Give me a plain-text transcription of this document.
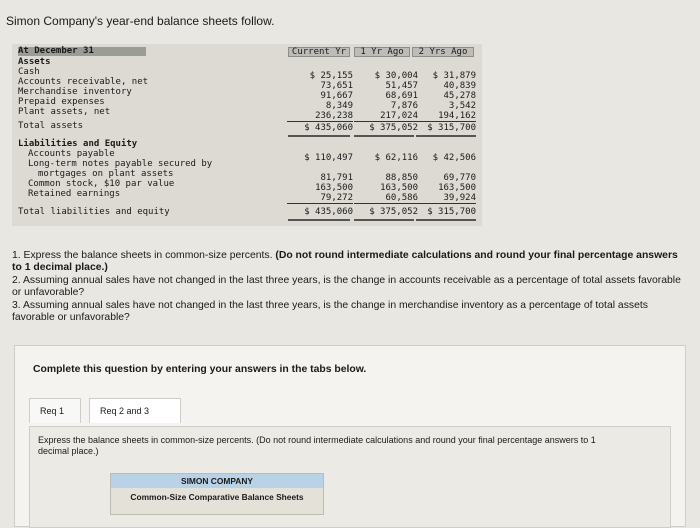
Simon Company's year-end balance sheets follow.
At December 31	Current Yr	1 Yr Ago	2 Yrs Ago
Assets
Cash	$ 25,155	$ 30,004	$ 31,879
Accounts receivable, net	73,651	51,457	40,839
Merchandise inventory	91,667	68,691	45,278
Prepaid expenses	8,349	7,876	3,542
Plant assets, net	236,238	217,024	194,162
Total assets	$ 435,060	$ 375,052	$ 315,700
Liabilities and Equity
Accounts payable	$ 110,497	$ 62,116	$ 42,506
Long-term notes payable secured by
mortgages on plant assets	81,791	88,850	69,770
Common stock, $10 par value	163,500	163,500	163,500
Retained earnings	79,272	60,586	39,924
Total liabilities and equity	$ 435,060	$ 375,052	$ 315,700

1. Express the balance sheets in common-size percents. (Do not round intermediate calculations and round your final percentage answers to 1 decimal place.)

2. Assuming annual sales have not changed in the last three years, is the change in accounts receivable as a percentage of total assets favorable or unfavorable?

3. Assuming annual sales have not changed in the last three years, is the change in merchandise inventory as a percentage of total assets favorable or unfavorable?

Complete this question by entering your answers in the tabs below.
Req 1	Req 2 and 3
Express the balance sheets in common-size percents. (Do not round intermediate calculations and round your final percentage answers to 1 decimal place.)
SIMON COMPANY
Common-Size Comparative Balance Sheets
